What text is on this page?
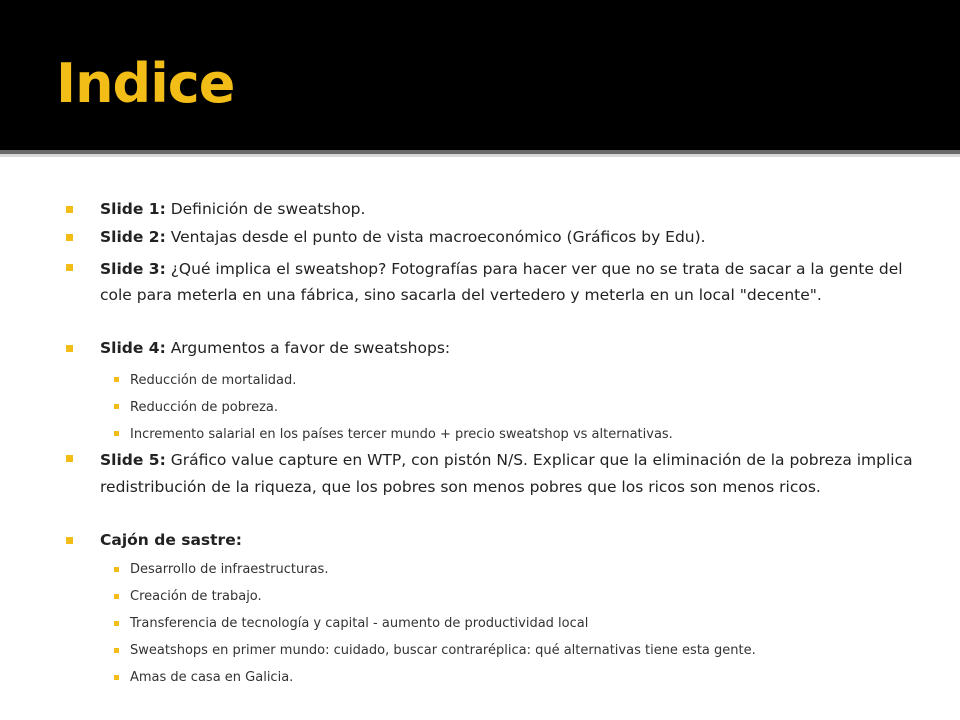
Indice
Slide 1: Definición de sweatshop.
Slide 2: Ventajas desde el punto de vista macroeconómico (Gráficos by Edu).
Slide 3: ¿Qué implica el sweatshop? Fotografías para hacer ver que no se trata de sacar a la gente del cole para meterla en una fábrica, sino sacarla del vertedero y meterla en un local "decente".
Slide 4: Argumentos a favor de sweatshops:
Reducción de mortalidad.
Reducción de pobreza.
Incremento salarial en los países tercer mundo + precio sweatshop vs alternativas.
Slide 5: Gráfico value capture en WTP, con pistón N/S. Explicar que la eliminación de la pobreza implica redistribución de la riqueza, que los pobres son menos pobres que los ricos son menos ricos.
Cajón de sastre:
Desarrollo de infraestructuras.
Creación de trabajo.
Transferencia de tecnología y capital - aumento de productividad local
Sweatshops en primer mundo: cuidado, buscar contraréplica: qué alternativas tiene esta gente.
Amas de casa en Galicia.
